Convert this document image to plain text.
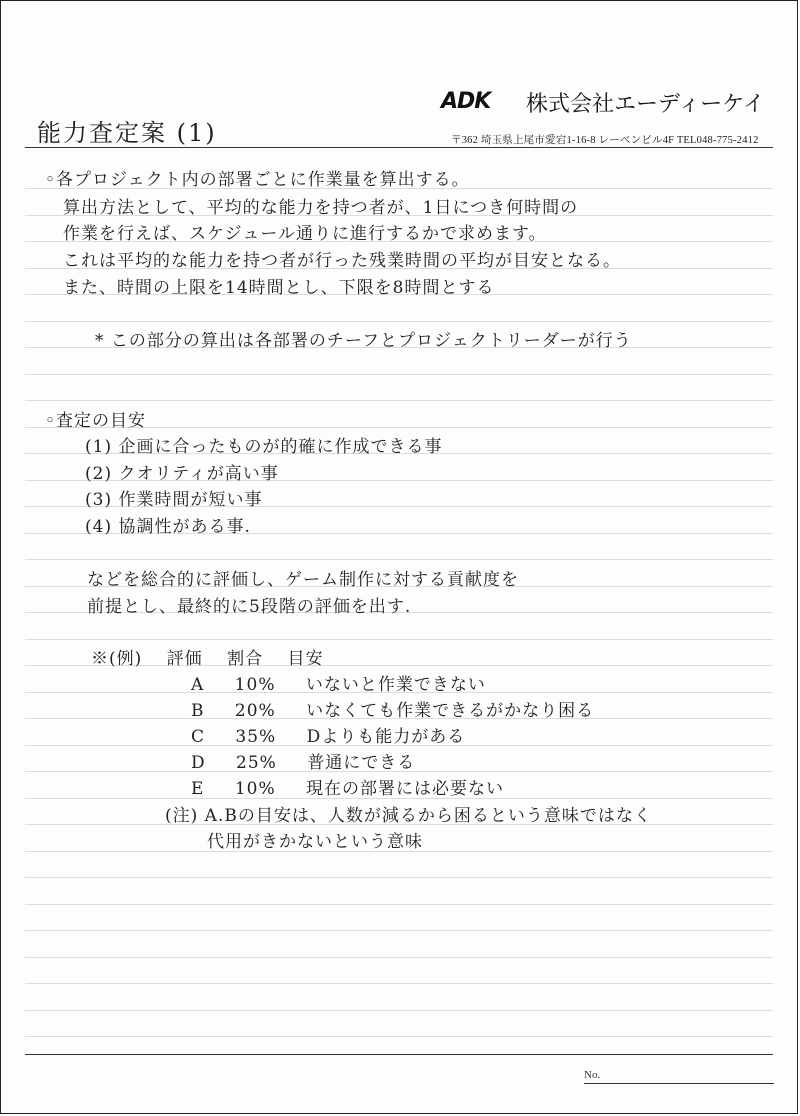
ADK 株式会社エーディーケイ
〒362 埼玉県上尾市愛宕1-16-8 レーベンビル4F TEL048-775-2412
能力査定案 (1)
◦各プロジェクト内の部署ごとに作業量を算出する。
算出方法として、平均的な能力を持つ者が、1日につき何時間の
作業を行えば、スケジュール通りに進行するかで求めます。
これは平均的な能力を持つ者が行った残業時間の平均が目安となる。
また、時間の上限を14時間とし、下限を8時間とする
* この部分の算出は各部署のチーフとプロジェクトリーダーが行う
◦査定の目安
(1) 企画に合ったものが的確に作成できる事
(2) クオリティが高い事
(3) 作業時間が短い事
(4) 協調性がある事.
などを総合的に評価し、ゲーム制作に対する貢献度を
前提とし、最終的に5段階の評価を出す.
※(例) 評価 割合 目安
A 10% いないと作業できない
B 20% いなくても作業できるがかなり困る
C 35% Dよりも能力がある
D 25% 普通にできる
E 10% 現在の部署には必要ない
(注) A.Bの目安は、人数が減るから困るという意味ではなく
代用がきかないという意味
No.
